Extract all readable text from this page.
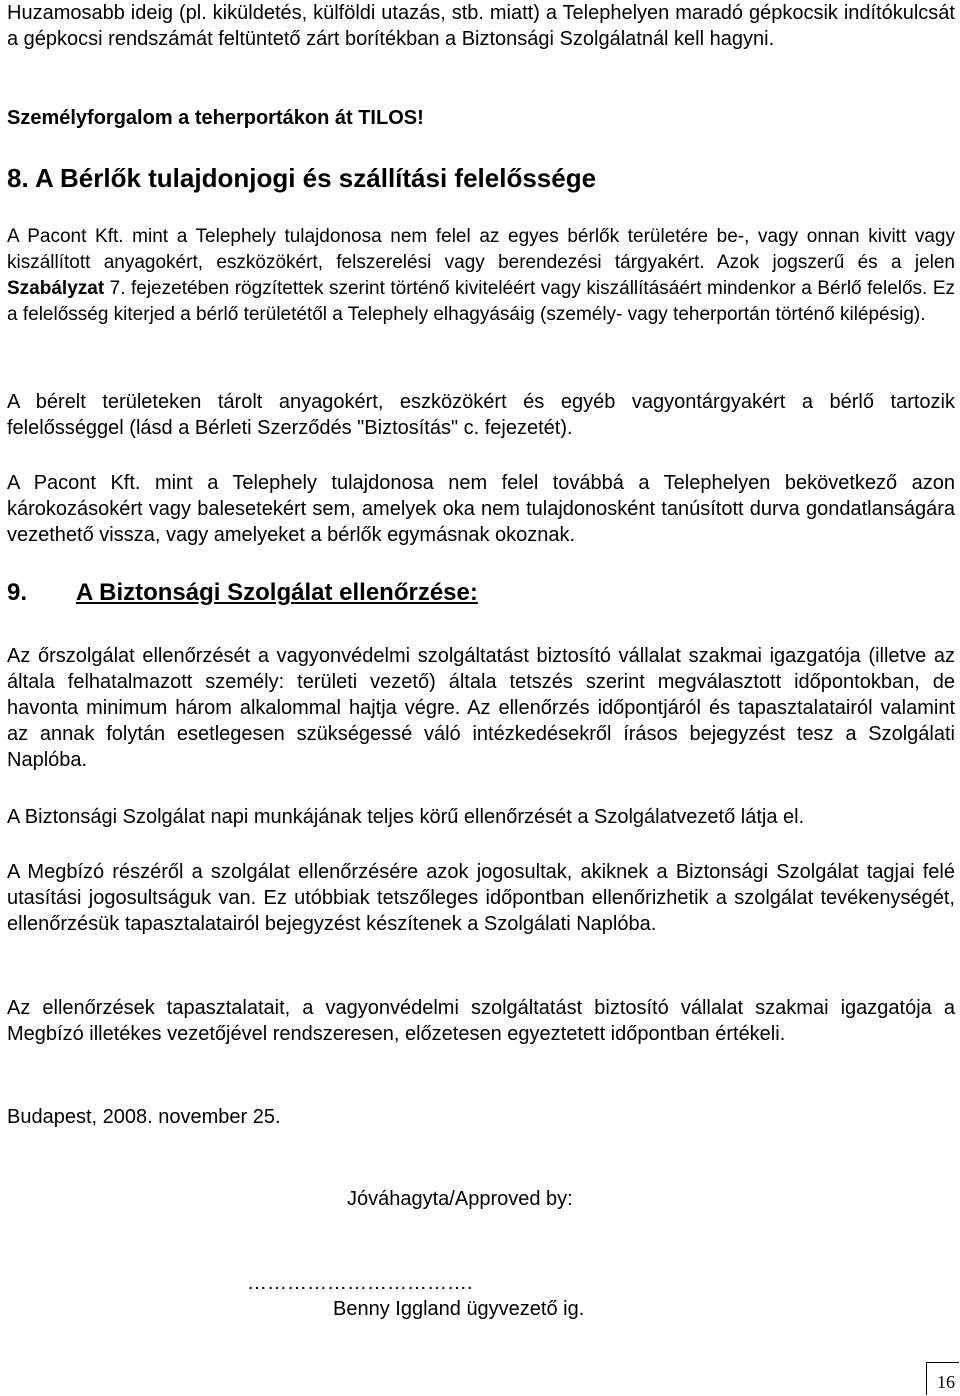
Huzamosabb ideig (pl. kiküldetés, külföldi utazás, stb. miatt) a Telephelyen maradó gépkocsik indítókulcsát a gépkocsi rendszámát feltüntető zárt borítékban a Biztonsági Szolgálatnál kell hagyni.

Személyforgalom a teherportákon át TILOS!

8. A Bérlők tulajdonjogi és szállítási felelőssége

A Pacont Kft. mint a Telephely tulajdonosa nem felel az egyes bérlők területére be-, vagy onnan kivitt vagy kiszállított anyagokért, eszközökért, felszerelési vagy berendezési tárgyakért. Azok jogszerű és a jelen Szabályzat 7. fejezetében rögzítettek szerint történő kiviteléért vagy kiszállításáért mindenkor a Bérlő felelős. Ez a felelősség kiterjed a bérlő területétől a Telephely elhagyásáig (személy- vagy teherportán történő kilépésig).

A bérelt területeken tárolt anyagokért, eszközökért és egyéb vagyontárgyakért a bérlő tartozik felelősséggel (lásd a Bérleti Szerződés "Biztosítás" c. fejezetét).

A Pacont Kft. mint a Telephely tulajdonosa nem felel továbbá a Telephelyen bekövetkező azon károkozásokért vagy balesetekért sem, amelyek oka nem tulajdonosként tanúsított durva gondatlanságára vezethető vissza, vagy amelyeket a bérlők egymásnak okoznak.

9. A Biztonsági Szolgálat ellenőrzése:

Az őrszolgálat ellenőrzését a vagyonvédelmi szolgáltatást biztosító vállalat szakmai igazgatója (illetve az általa felhatalmazott személy: területi vezető) általa tetszés szerint megválasztott időpontokban, de havonta minimum három alkalommal hajtja végre. Az ellenőrzés időpontjáról és tapasztalatairól valamint az annak folytán esetlegesen szükségessé váló intézkedésekről írásos bejegyzést tesz a Szolgálati Naplóba.

A Biztonsági Szolgálat napi munkájának teljes körű ellenőrzését a Szolgálatvezető látja el.

A Megbízó részéről a szolgálat ellenőrzésére azok jogosultak, akiknek a Biztonsági Szolgálat tagjai felé utasítási jogosultságuk van. Ez utóbbiak tetszőleges időpontban ellenőrizhetik a szolgálat tevékenységét, ellenőrzésük tapasztalatairól bejegyzést készítenek a Szolgálati Naplóba.

Az ellenőrzések tapasztalatait, a vagyonvédelmi szolgáltatást biztosító vállalat szakmai igazgatója a Megbízó illetékes vezetőjével rendszeresen, előzetesen egyeztetett időpontban értékeli.

Budapest, 2008. november 25.

Jóváhagyta/Approved by:
…………………………….
Benny Iggland ügyvezető ig.
16
